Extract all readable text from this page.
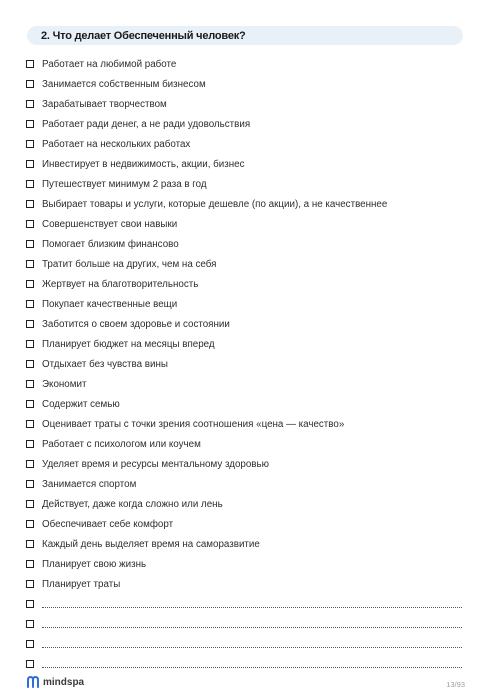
2. Что делает Обеспеченный человек?
Работает на любимой работе
Занимается собственным бизнесом
Зарабатывает творчеством
Работает ради денег, а не ради удовольствия
Работает на нескольких работах
Инвестирует в недвижимость, акции, бизнес
Путешествует минимум 2 раза в год
Выбирает товары и услуги, которые дешевле (по акции), а не качественнее
Совершенствует свои навыки
Помогает близким финансово
Тратит больше на других, чем на себя
Жертвует на благотворительность
Покупает качественные вещи
Заботится о своем здоровье и состоянии
Планирует бюджет на месяцы вперед
Отдыхает без чувства вины
Экономит
Содержит семью
Оценивает траты с точки зрения соотношения «цена — качество»
Работает с психологом или коучем
Уделяет время и ресурсы ментальному здоровью
Занимается спортом
Действует, даже когда сложно или лень
Обеспечивает себе комфорт
Каждый день выделяет время на саморазвитие
Планирует свою жизнь
Планирует траты
mindspa	13/93
